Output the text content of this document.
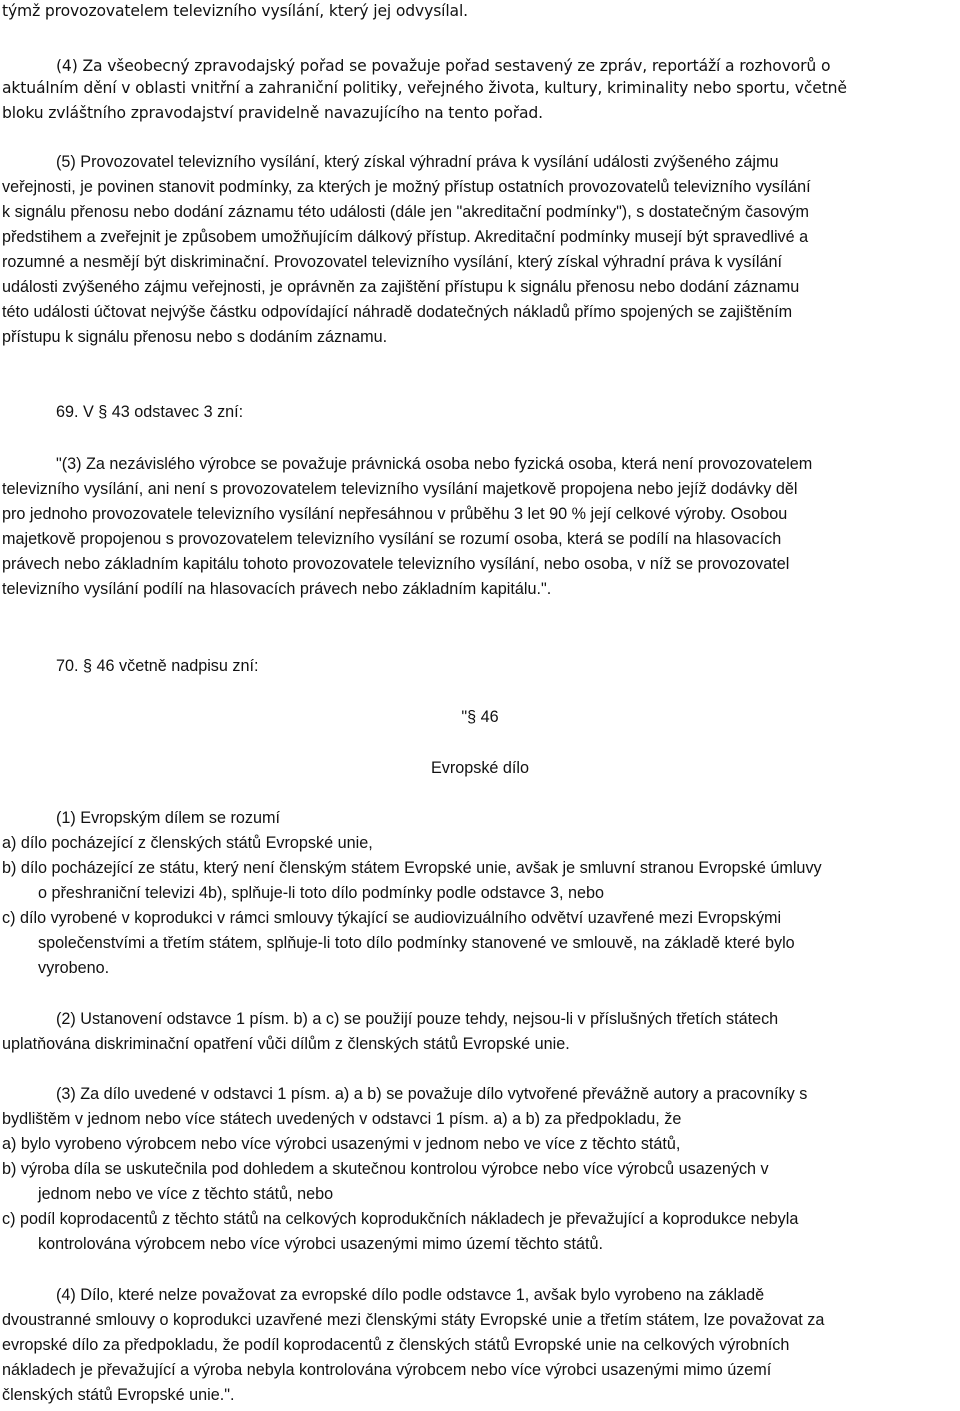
týmž provozovatelem televizního vysílání, který jej odvysílal.
(4) Za všeobecný zpravodajský pořad se považuje pořad sestavený ze zpráv, reportáží a rozhovorů o
aktuálním dění v oblasti vnitřní a zahraniční politiky, veřejného života, kultury, kriminality nebo sportu, včetně
bloku zvláštního zpravodajství pravidelně navazujícího na tento pořad.
(5) Provozovatel televizního vysílání, který získal výhradní práva k vysílání události zvýšeného zájmu
veřejnosti, je povinen stanovit podmínky, za kterých je možný přístup ostatních provozovatelů televizního vysílání
k signálu přenosu nebo dodání záznamu této události (dále jen "akreditační podmínky"), s dostatečným časovým
předstihem a zveřejnit je způsobem umožňujícím dálkový přístup. Akreditační podmínky musejí být spravedlivé a
rozumné a nesmějí být diskriminační. Provozovatel televizního vysílání, který získal výhradní práva k vysílání
události zvýšeného zájmu veřejnosti, je oprávněn za zajištění přístupu k signálu přenosu nebo dodání záznamu
této události účtovat nejvýše částku odpovídající náhradě dodatečných nákladů přímo spojených se zajištěním
přístupu k signálu přenosu nebo s dodáním záznamu.
69. V § 43 odstavec 3 zní:
"(3) Za nezávislého výrobce se považuje právnická osoba nebo fyzická osoba, která není provozovatelem
televizního vysílání, ani není s provozovatelem televizního vysílání majetkově propojena nebo jejíž dodávky děl
pro jednoho provozovatele televizního vysílání nepřesáhnou v průběhu 3 let 90 % její celkové výroby. Osobou
majetkově propojenou s provozovatelem televizního vysílání se rozumí osoba, která se podílí na hlasovacích
právech nebo základním kapitálu tohoto provozovatele televizního vysílání, nebo osoba, v níž se provozovatel
televizního vysílání podílí na hlasovacích právech nebo základním kapitálu.".
70. § 46 včetně nadpisu zní:
"§ 46
Evropské dílo
(1) Evropským dílem se rozumí
a) dílo pocházející z členských států Evropské unie,
b) dílo pocházející ze státu, který není členským státem Evropské unie, avšak je smluvní stranou Evropské úmluvy
o přeshraniční televizi 4b), splňuje-li toto dílo podmínky podle odstavce 3, nebo
c) dílo vyrobené v koprodukci v rámci smlouvy týkající se audiovizuálního odvětví uzavřené mezi Evropskými
společenstvími a třetím státem, splňuje-li toto dílo podmínky stanovené ve smlouvě, na základě které bylo
vyrobeno.
(2) Ustanovení odstavce 1 písm. b) a c) se použijí pouze tehdy, nejsou-li v příslušných třetích státech
uplatňována diskriminační opatření vůči dílům z členských států Evropské unie.
(3) Za dílo uvedené v odstavci 1 písm. a) a b) se považuje dílo vytvořené převážně autory a pracovníky s
bydlištěm v jednom nebo více státech uvedených v odstavci 1 písm. a) a b) za předpokladu, že
a) bylo vyrobeno výrobcem nebo více výrobci usazenými v jednom nebo ve více z těchto států,
b) výroba díla se uskutečnila pod dohledem a skutečnou kontrolou výrobce nebo více výrobců usazených v
jednom nebo ve více z těchto států, nebo
c) podíl koprodacentů z těchto států na celkových koprodukčních nákladech je převažující a koprodukce nebyla
kontrolována výrobcem nebo více výrobci usazenými mimo území těchto států.
(4) Dílo, které nelze považovat za evropské dílo podle odstavce 1, avšak bylo vyrobeno na základě
dvoustranné smlouvy o koprodukci uzavřené mezi členskými státy Evropské unie a třetím státem, lze považovat za
evropské dílo za předpokladu, že podíl koprodacentů z členských států Evropské unie na celkových výrobních
nákladech je převažující a výroba nebyla kontrolována výrobcem nebo více výrobci usazenými mimo území
členských států Evropské unie.".
